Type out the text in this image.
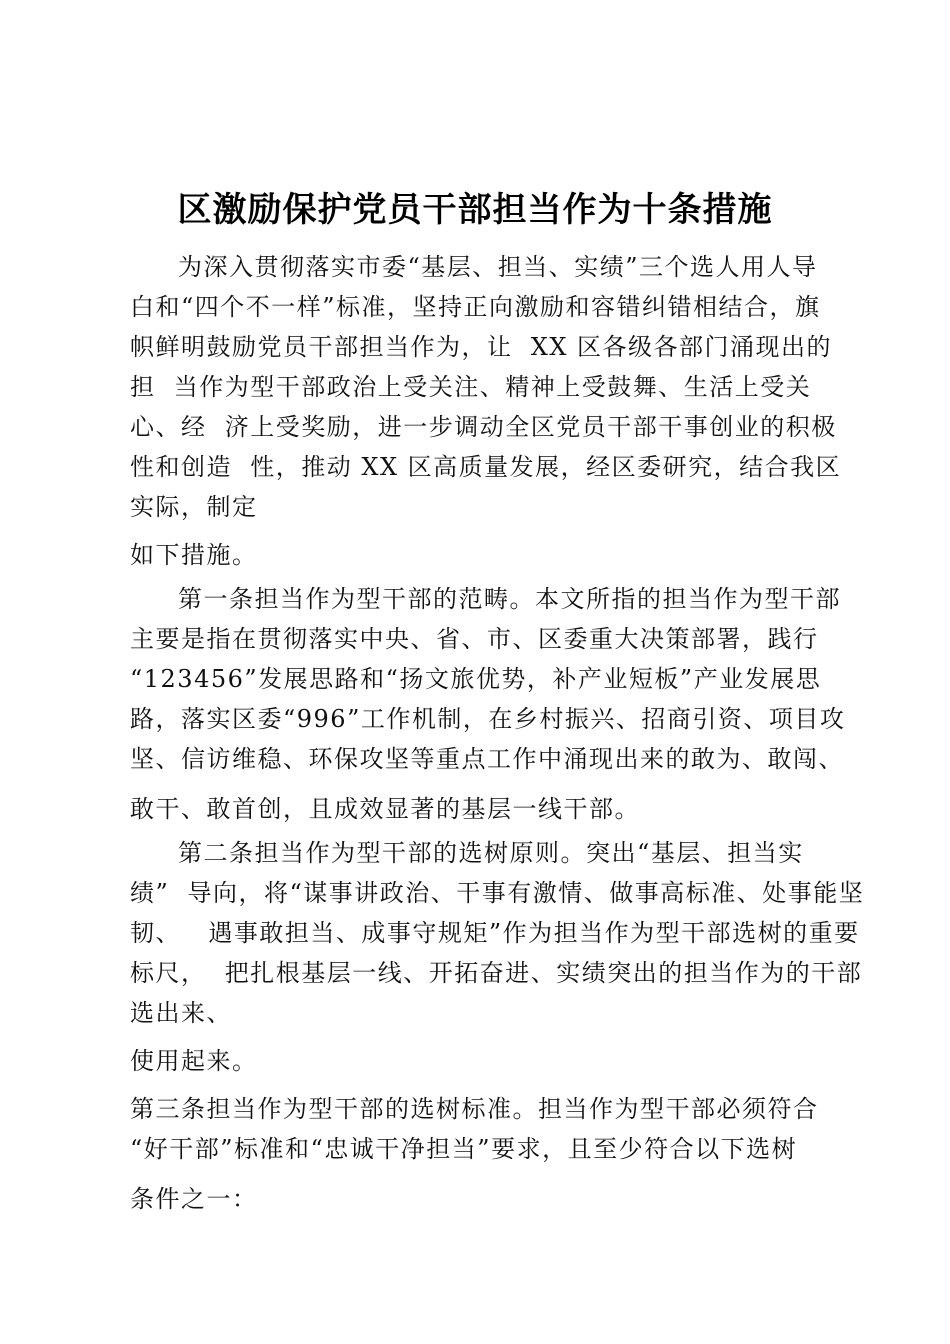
区激励保护党员干部担当作为十条措施
为深入贯彻落实市委“基层、担当、实绩”三个选人用人导
白和“四个不一样”标准，坚持正向激励和容错纠错相结合，旗
帜鲜明鼓励党员干部担当作为，让  XX 区各级各部门涌现出的
担  当作为型干部政治上受关注、精神上受鼓舞、生活上受关
心、经  济上受奖励，进一步调动全区党员干部干事创业的积极
性和创造  性，推动 XX 区高质量发展，经区委研究，结合我区
实际，制定
如下措施。
第一条担当作为型干部的范畴。本文所指的担当作为型干部
主要是指在贯彻落实中央、省、市、区委重大决策部署，践行
“123456”发展思路和“扬文旅优势，补产业短板”产业发展思
路，落实区委“996”工作机制，在乡村振兴、招商引资、项目攻
坚、信访维稳、环保攻坚等重点工作中涌现出来的敢为、敢闯、
敢干、敢首创，且成效显著的基层一线干部。
第二条担当作为型干部的选树原则。突出“基层、担当实
绩”  导向，将“谋事讲政治、干事有激情、做事高标准、处事能坚
韧、   遇事敢担当、成事守规矩”作为担当作为型干部选树的重要
标尺，  把扎根基层一线、开拓奋进、实绩突出的担当作为的干部
选出来、
使用起来。
第三条担当作为型干部的选树标准。担当作为型干部必须符合
“好干部”标准和“忠诚干净担当”要求，且至少符合以下选树
条件之一：
